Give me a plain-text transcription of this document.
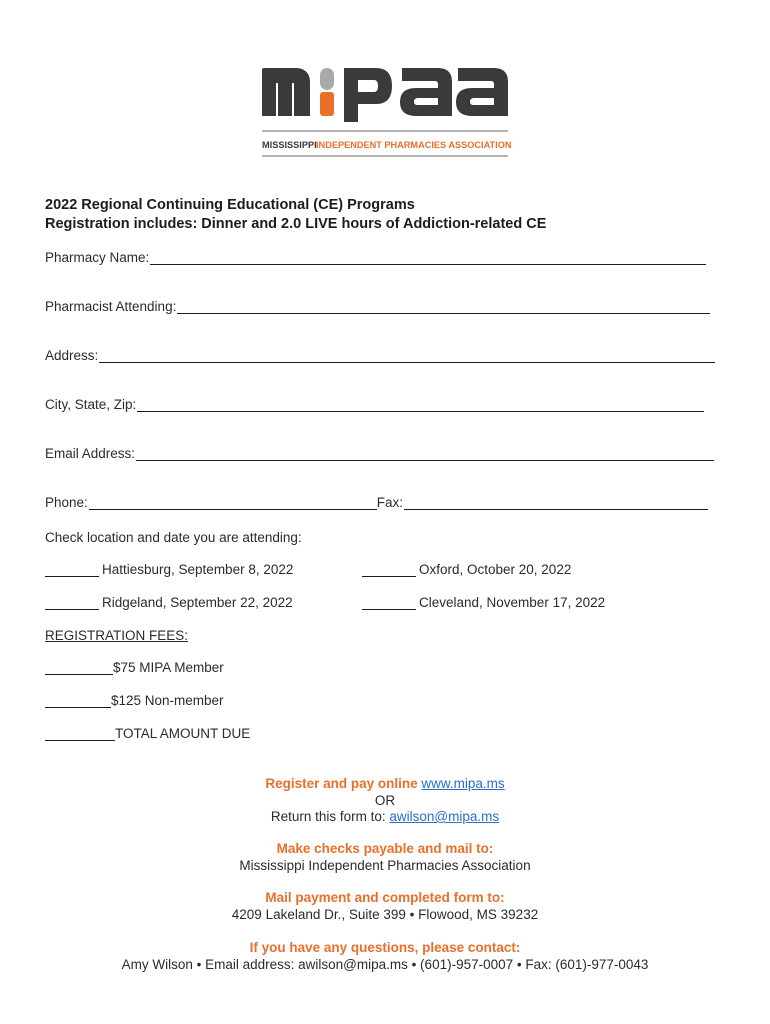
MISSISSIPPI INDEPENDENT PHARMACIES ASSOCIATION
2022 Regional Continuing Educational (CE) Programs
Registration includes: Dinner and 2.0 LIVE hours of Addiction-related CE
Pharmacy Name:
Pharmacist Attending:
Address:
City, State, Zip:
Email Address:
Phone:	Fax:
Check location and date you are attending:
Hattiesburg, September 8, 2022	Oxford, October 20, 2022
Ridgeland, September 22, 2022	Cleveland, November 17, 2022
REGISTRATION FEES:
$75 MIPA Member
$125 Non-member
TOTAL AMOUNT DUE
Register and pay online www.mipa.ms
OR
Return this form to: awilson@mipa.ms
Make checks payable and mail to:
Mississippi Independent Pharmacies Association
Mail payment and completed form to:
4209 Lakeland Dr., Suite 399 • Flowood, MS 39232
If you have any questions, please contact:
Amy Wilson • Email address: awilson@mipa.ms • (601)-957-0007 • Fax: (601)-977-0043
